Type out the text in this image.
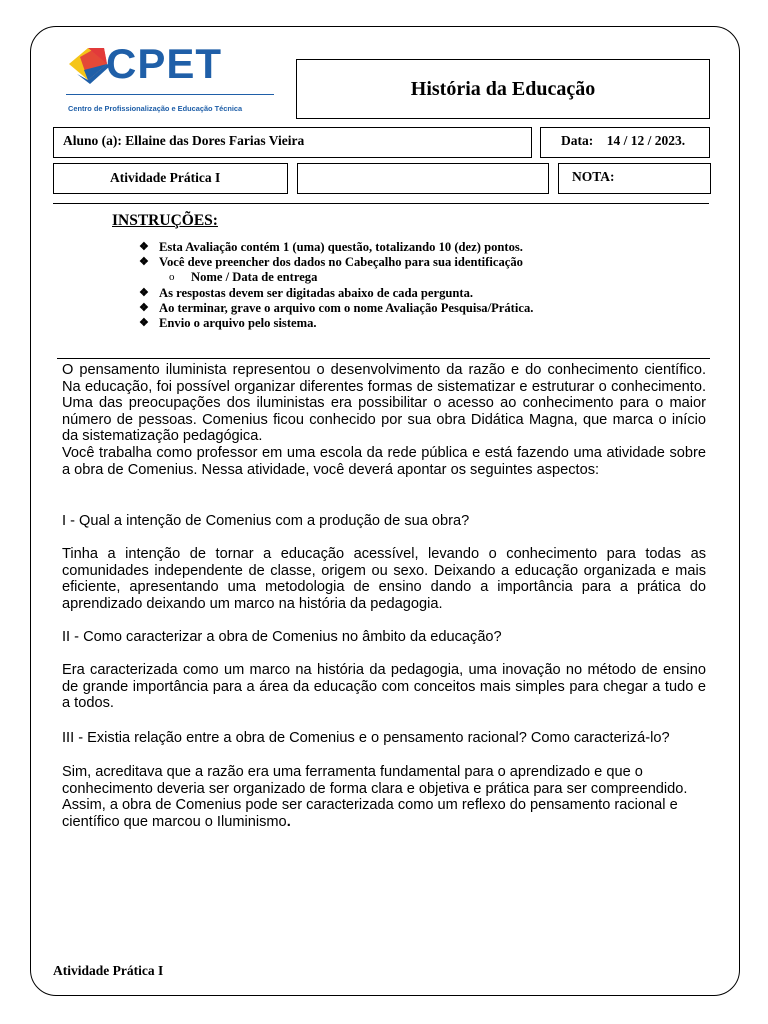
CPET
Centro de Profissionalização e Educação Técnica
História da Educação
Aluno (a): Ellaine das Dores Farias Vieira	Data: 14 / 12 / 2023.
Atividade Prática I	NOTA:
INSTRUÇÕES:
❖ Esta Avaliação contém 1 (uma) questão, totalizando 10 (dez) pontos.
❖ Você deve preencher dos dados no Cabeçalho para sua identificação
o	Nome / Data de entrega
❖ As respostas devem ser digitadas abaixo de cada pergunta.
❖ Ao terminar, grave o arquivo com o nome Avaliação Pesquisa/Prática.
❖ Envio o arquivo pelo sistema.
O pensamento iluminista representou o desenvolvimento da razão e do conhecimento científico. Na educação, foi possível organizar diferentes formas de sistematizar e estruturar o conhecimento. Uma das preocupações dos iluministas era possibilitar o acesso ao conhecimento para o maior número de pessoas. Comenius ficou conhecido por sua obra Didática Magna, que marca o início da sistematização pedagógica.
Você trabalha como professor em uma escola da rede pública e está fazendo uma atividade sobre a obra de Comenius. Nessa atividade, você deverá apontar os seguintes aspectos:
I - Qual a intenção de Comenius com a produção de sua obra?
Tinha a intenção de tornar a educação acessível, levando o conhecimento para todas as comunidades independente de classe, origem ou sexo. Deixando a educação organizada e mais eficiente, apresentando uma metodologia de ensino dando a importância para a prática do aprendizado deixando um marco na história da pedagogia.
II - Como caracterizar a obra de Comenius no âmbito da educação?
Era caracterizada como um marco na história da pedagogia, uma inovação no método de ensino de grande importância para a área da educação com conceitos mais simples para chegar a tudo e a todos.
III - Existia relação entre a obra de Comenius e o pensamento racional? Como caracterizá-lo?
Sim, acreditava que a razão era uma ferramenta fundamental para o aprendizado e que o conhecimento deveria ser organizado de forma clara e objetiva e prática para ser compreendido. Assim, a obra de Comenius pode ser caracterizada como um reflexo do pensamento racional e científico que marcou o Iluminismo.
Atividade Prática I
